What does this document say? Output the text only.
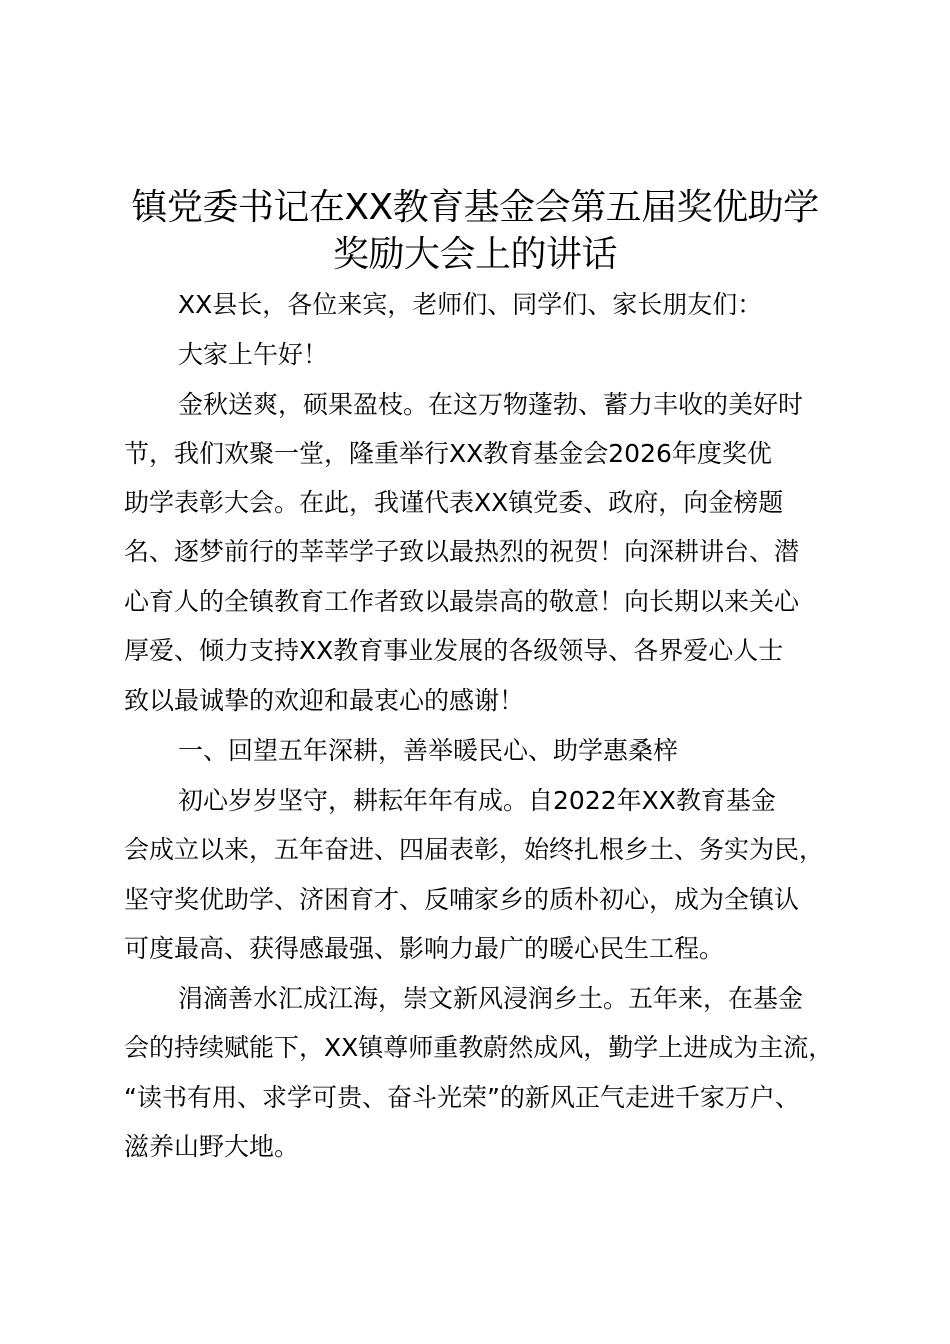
镇党委书记在XX教育基金会第五届奖优助学
奖励大会上的讲话

XX县长，各位来宾，老师们、同学们、家长朋友们：

大家上午好！

金秋送爽，硕果盈枝。在这万物蓬勃、蓄力丰收的美好时

节，我们欢聚一堂，隆重举行XX教育基金会2026年度奖优

助学表彰大会。在此，我谨代表XX镇党委、政府，向金榜题

名、逐梦前行的莘莘学子致以最热烈的祝贺！向深耕讲台、潜

心育人的全镇教育工作者致以最崇高的敬意！向长期以来关心

厚爱、倾力支持XX教育事业发展的各级领导、各界爱心人士

致以最诚挚的欢迎和最衷心的感谢！

一、回望五年深耕，善举暖民心、助学惠桑梓

初心岁岁坚守，耕耘年年有成。自2022年XX教育基金

会成立以来，五年奋进、四届表彰，始终扎根乡土、务实为民，

坚守奖优助学、济困育才、反哺家乡的质朴初心，成为全镇认

可度最高、获得感最强、影响力最广的暖心民生工程。

涓滴善水汇成江海，崇文新风浸润乡土。五年来，在基金

会的持续赋能下，XX镇尊师重教蔚然成风，勤学上进成为主流，

“读书有用、求学可贵、奋斗光荣”的新风正气走进千家万户、

滋养山野大地。
